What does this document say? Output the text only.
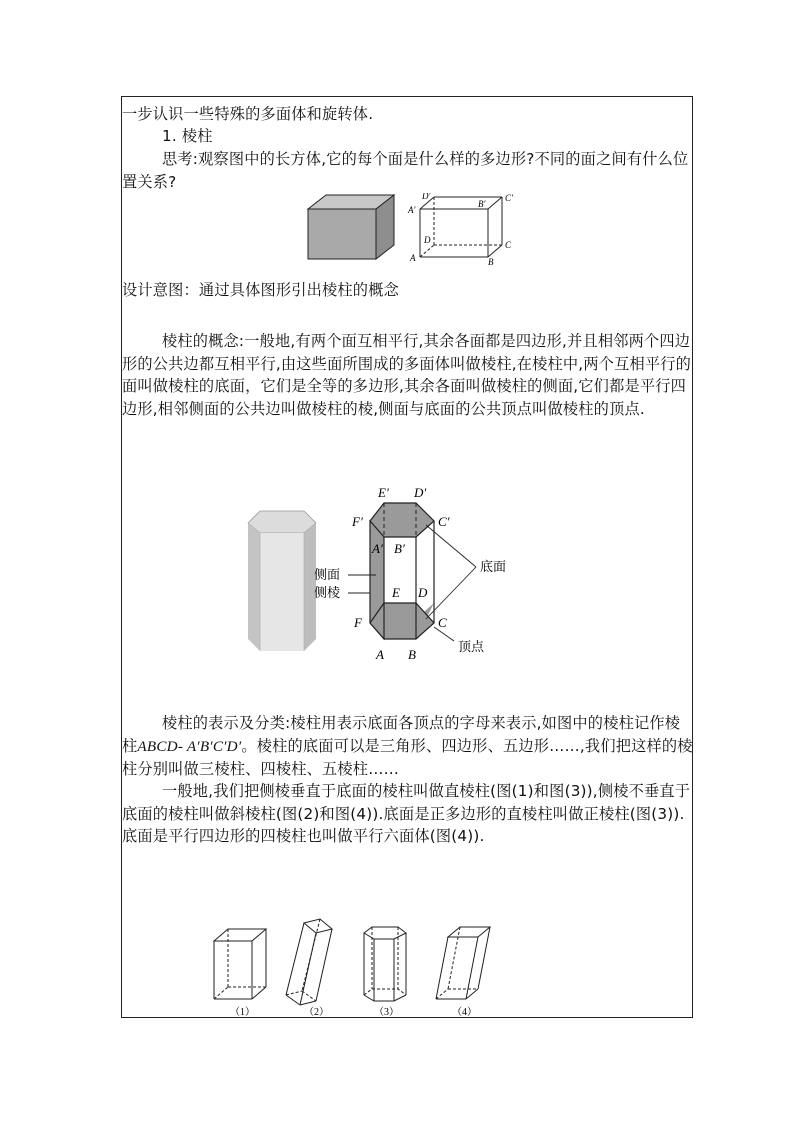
一步认识一些特殊的多面体和旋转体.

1. 棱柱

思考:观察图中的长方体,它的每个面是什么样的多边形?不同的面之间有什么位置关系?

D′	C′
A′
B′
D	C
A	B

设计意图：通过具体图形引出棱柱的概念

棱柱的概念:一般地,有两个面互相平行,其余各面都是四边形,并且相邻两个四边形的公共边都互相平行,由这些面所围成的多面体叫做棱柱,在棱柱中,两个互相平行的面叫做棱柱的底面，它们是全等的多边形,其余各面叫做棱柱的侧面,它们都是平行四边形,相邻侧面的公共边叫做棱柱的棱,侧面与底面的公共顶点叫做棱柱的顶点.

E′ D′
F′	C′
A′ B′
E D
F	C
A B
侧面
侧棱
底面
顶点

棱柱的表示及分类:棱柱用表示底面各顶点的字母来表示,如图中的棱柱记作棱柱ABCD- A′B′C′D′。棱柱的底面可以是三角形、四边形、五边形……,我们把这样的棱柱分别叫做三棱柱、四棱柱、五棱柱……

一般地,我们把侧棱垂直于底面的棱柱叫做直棱柱(图(1)和图(3)),侧棱不垂直于底面的棱柱叫做斜棱柱(图(2)和图(4)).底面是正多边形的直棱柱叫做正棱柱(图(3)).底面是平行四边形的四棱柱也叫做平行六面体(图(4)).

（1）	（2）	（3）	（4）
